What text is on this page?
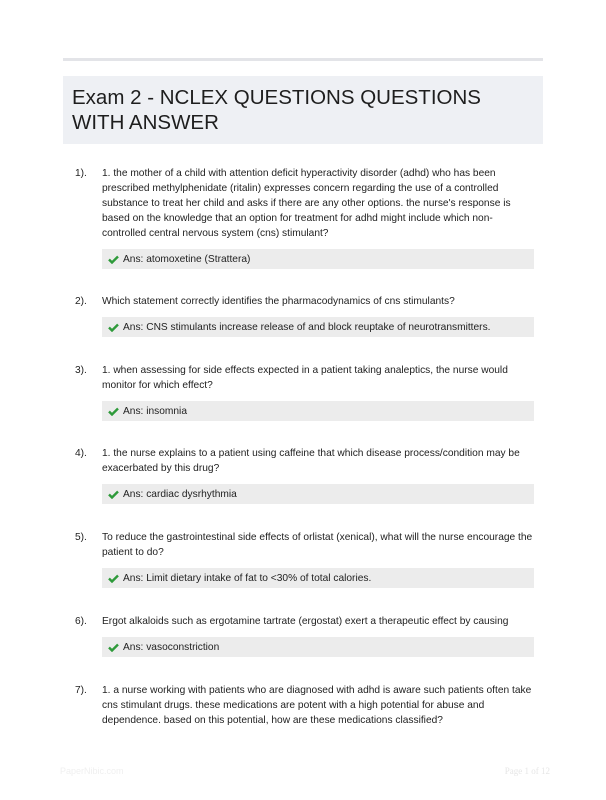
Exam 2 - NCLEX QUESTIONS QUESTIONS WITH ANSWER
1).	1. the mother of a child with attention deficit hyperactivity disorder (adhd) who has been prescribed methylphenidate (ritalin) expresses concern regarding the use of a controlled substance to treat her child and asks if there are any other options. the nurse's response is based on the knowledge that an option for treatment for adhd might include which non-controlled central nervous system (cns) stimulant?
Ans: atomoxetine (Strattera)
2).	Which statement correctly identifies the pharmacodynamics of cns stimulants?
Ans: CNS stimulants increase release of and block reuptake of neurotransmitters.
3).	1. when assessing for side effects expected in a patient taking analeptics, the nurse would monitor for which effect?
Ans: insomnia
4).	1. the nurse explains to a patient using caffeine that which disease process/condition may be exacerbated by this drug?
Ans: cardiac dysrhythmia
5).	To reduce the gastrointestinal side effects of orlistat (xenical), what will the nurse encourage the patient to do?
Ans: Limit dietary intake of fat to <30% of total calories.
6).	Ergot alkaloids such as ergotamine tartrate (ergostat) exert a therapeutic effect by causing
Ans: vasoconstriction
7).	1. a nurse working with patients who are diagnosed with adhd is aware such patients often take cns stimulant drugs. these medications are potent with a high potential for abuse and dependence. based on this potential, how are these medications classified?
PaperNibic.com	Page 1 of 12
